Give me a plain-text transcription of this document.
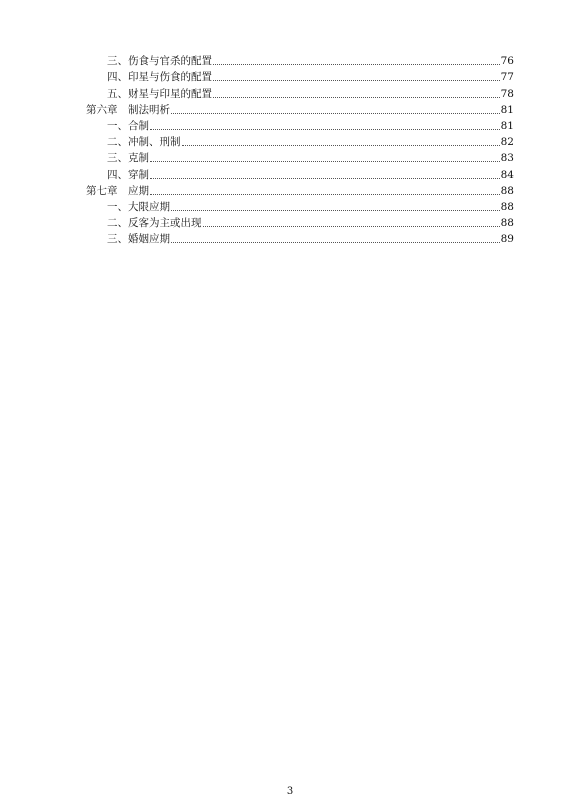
三、伤食与官杀的配置	76
四、印星与伤食的配置	77
五、财星与印星的配置	78
第六章　制法明析	81
一、合制	81
二、冲制、刑制	82
三、克制	83
四、穿制	84
第七章　应期	88
一、大限应期	88
二、反客为主或出现	88
三、婚姻应期	89
3
